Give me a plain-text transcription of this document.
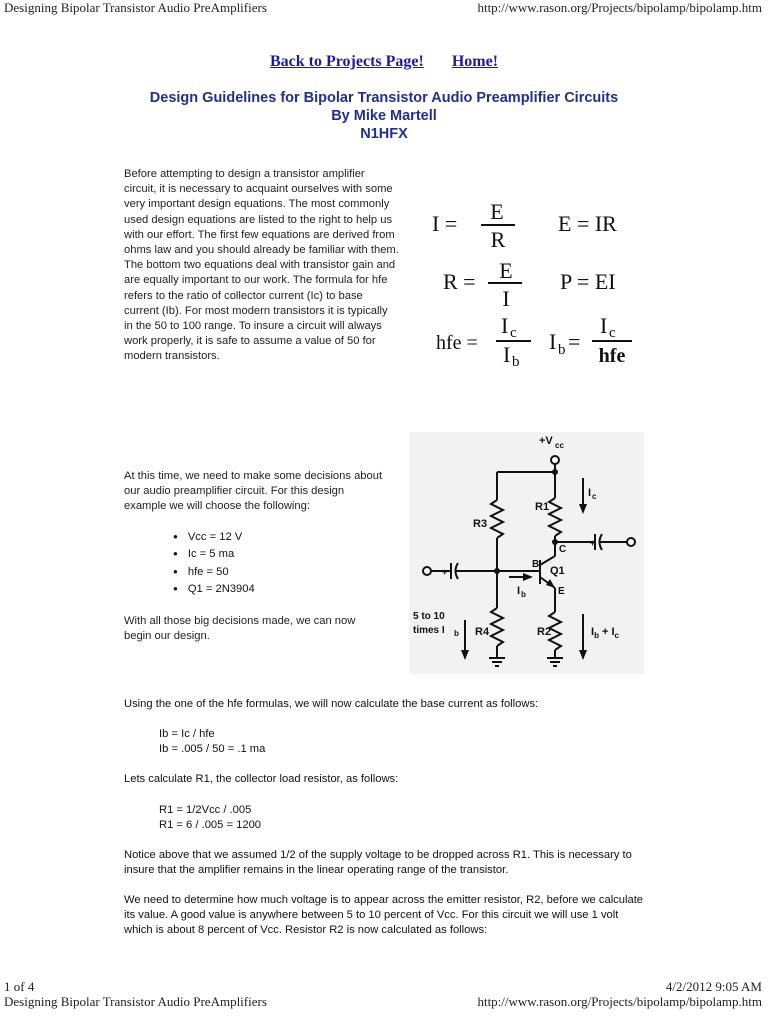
Designing Bipolar Transistor Audio PreAmplifiers	http://www.rason.org/Projects/bipolamp/bipolamp.htm
Back to Projects Page! Home!
Design Guidelines for Bipolar Transistor Audio Preamplifier Circuits
By Mike Martell
N1HFX
Before attempting to design a transistor amplifier circuit, it is necessary to acquaint ourselves with some very important design equations. The most commonly used design equations are listed to the right to help us with our effort. The first few equations are derived from ohms law and you should already be familiar with them. The bottom two equations deal with transistor gain and are equally important to our work. The formula for hfe refers to the ratio of collector current (Ic) to base current (Ib). For most modern transistors it is typically in the 50 to 100 range. To insure a circuit will always work properly, it is safe to assume a value of 50 for modern transistors.
I = E
R
E = IR
R = E
I
P = EI
hfe =
I c
I b
I b =
I c
hfe
At this time, we need to make some decisions about our audio preamplifier circuit. For this design example we will choose the following:
● Vcc = 12 V
● Ic = 5 ma
● hfe = 50
● Q1 = 2N3904
With all those big decisions made, we can now begin our design.
+V cc
R1
R3
I c
C
+
B
Q1
+
I b	E
5 to 10
times I b R4	R2	$I_b + I_c$
Using the one of the hfe formulas, we will now calculate the base current as follows:
Ib = Ic / hfe
Ib = .005 / 50 = .1 ma
Lets calculate R1, the collector load resistor, as follows:
R1 = 1/2Vcc / .005
R1 = 6 / .005 = 1200
Notice above that we assumed 1/2 of the supply voltage to be dropped across R1. This is necessary to insure that the amplifier remains in the linear operating range of the transistor.
We need to determine how much voltage is to appear across the emitter resistor, R2, before we calculate its value. A good value is anywhere between 5 to 10 percent of Vcc. For this circuit we will use 1 volt which is about 8 percent of Vcc. Resistor R2 is now calculated as follows:
1 of 4	4/2/2012 9:05 AM
Designing Bipolar Transistor Audio PreAmplifiers	http://www.rason.org/Projects/bipolamp/bipolamp.htm
